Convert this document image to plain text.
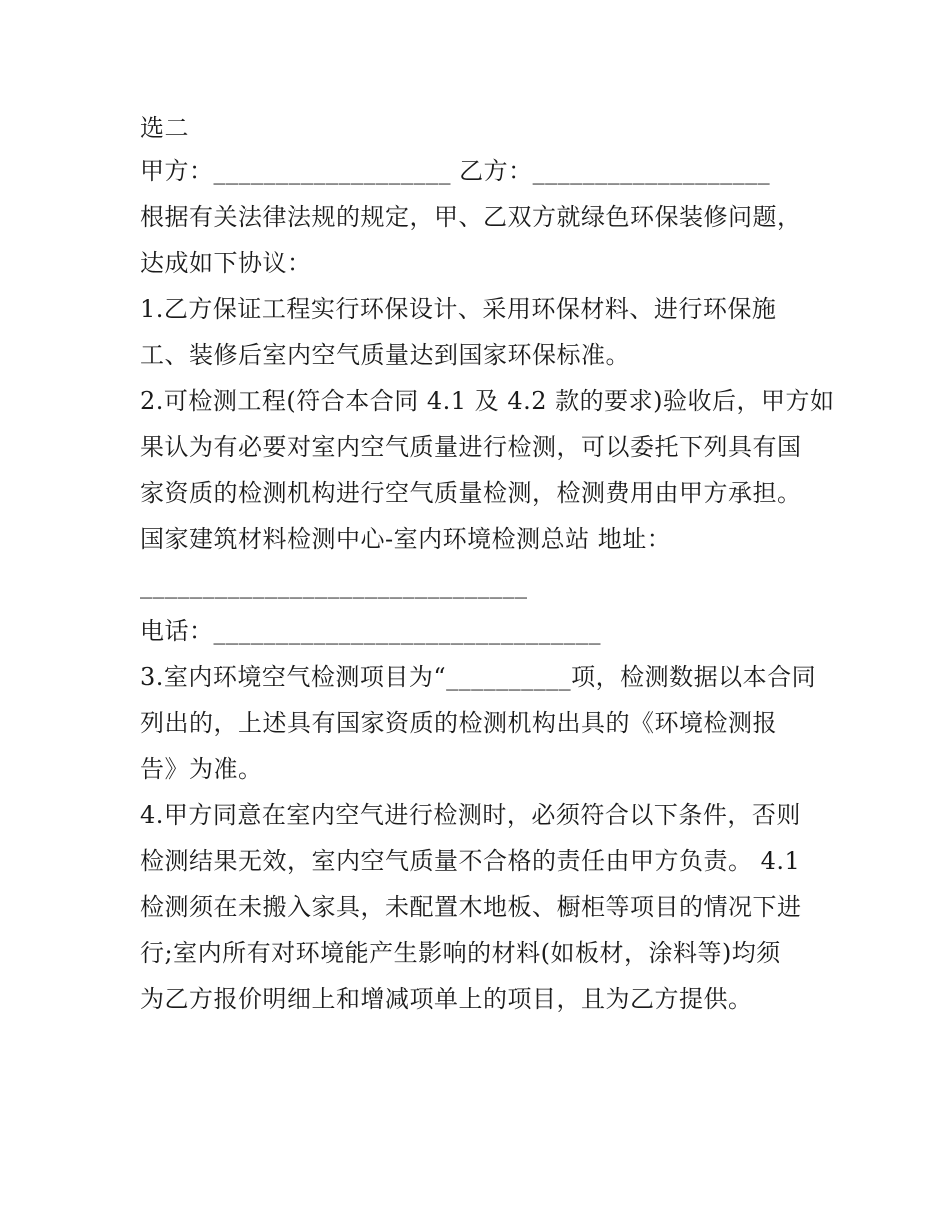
选二
甲方：___________________ 乙方：___________________
根据有关法律法规的规定，甲、乙双方就绿色环保装修问题，
达成如下协议：
1.乙方保证工程实行环保设计、采用环保材料、进行环保施
工、装修后室内空气质量达到国家环保标准。
2.可检测工程(符合本合同 4.1 及 4.2 款的要求)验收后，甲方如
果认为有必要对室内空气质量进行检测，可以委托下列具有国
家资质的检测机构进行空气质量检测，检测费用由甲方承担。
国家建筑材料检测中心-室内环境检测总站 地址：
_______________________________
电话：_______________________________
3.室内环境空气检测项目为“__________项，检测数据以本合同
列出的，上述具有国家资质的检测机构出具的《环境检测报
告》为准。
4.甲方同意在室内空气进行检测时，必须符合以下条件，否则
检测结果无效，室内空气质量不合格的责任由甲方负责。 4.1
检测须在未搬入家具，未配置木地板、橱柜等项目的情况下进
行;室内所有对环境能产生影响的材料(如板材，涂料等)均须
为乙方报价明细上和增减项单上的项目，且为乙方提供。
